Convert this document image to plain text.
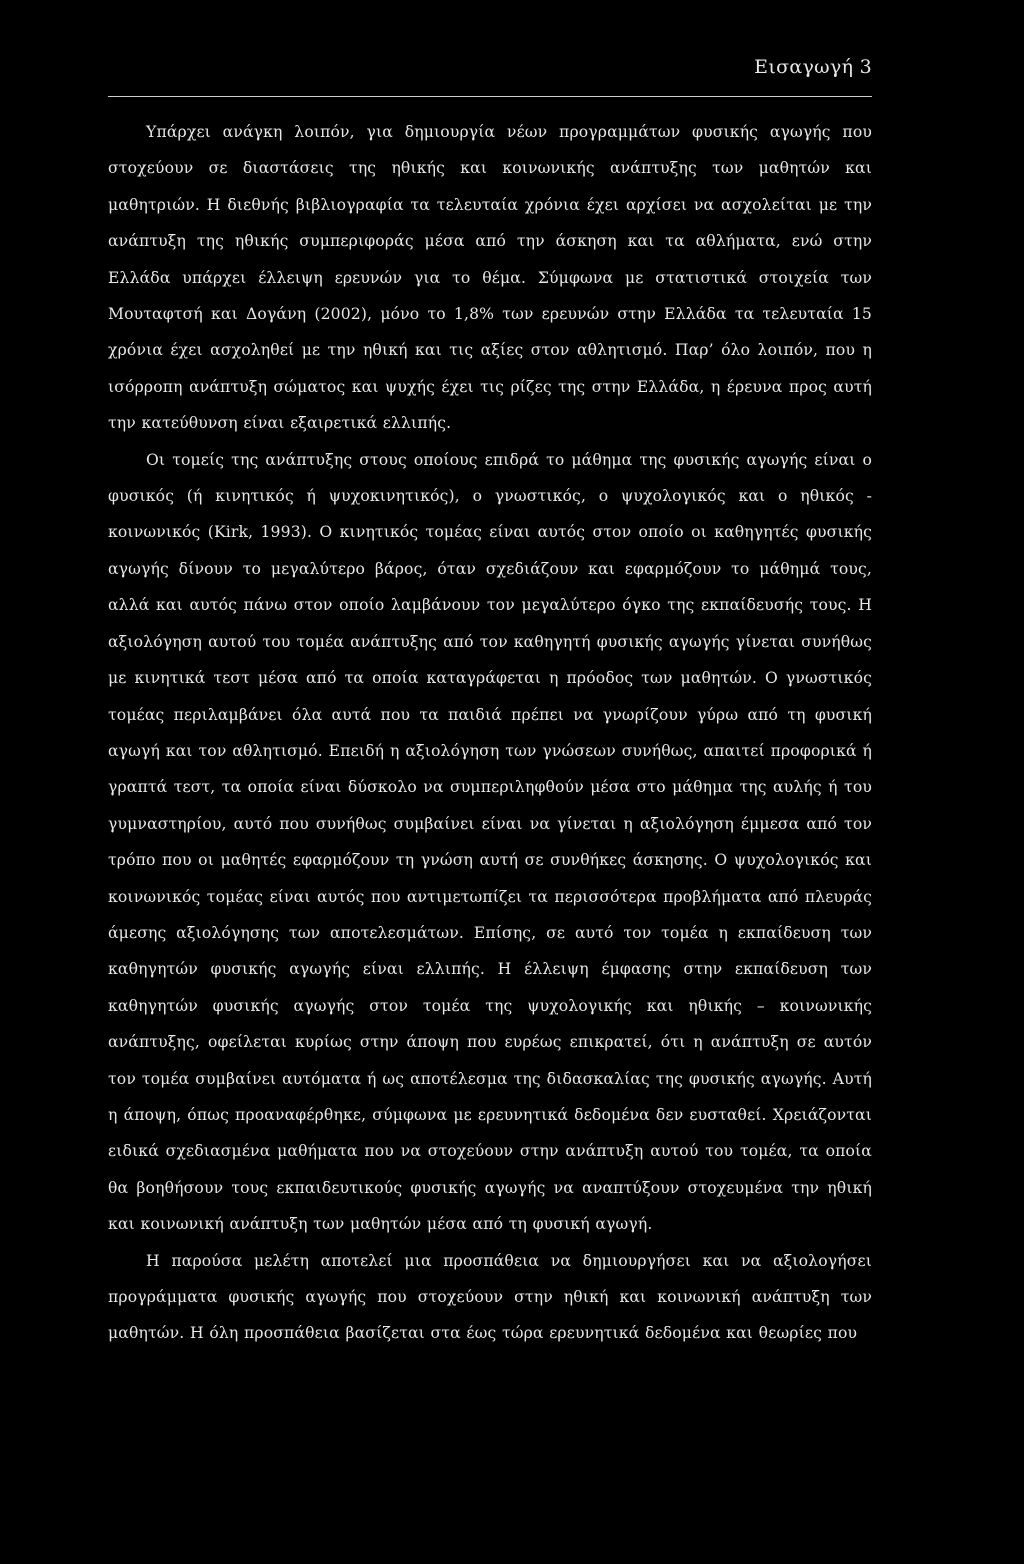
Εισαγωγή 3

Υπάρχει ανάγκη λοιπόν, για δημιουργία νέων προγραμμάτων φυσικής αγωγής που στοχεύουν σε διαστάσεις της ηθικής και κοινωνικής ανάπτυξης των μαθητών και μαθητριών. Η διεθνής βιβλιογραφία τα τελευταία χρόνια έχει αρχίσει να ασχολείται με την ανάπτυξη της ηθικής συμπεριφοράς μέσα από την άσκηση και τα αθλήματα, ενώ στην Ελλάδα υπάρχει έλλειψη ερευνών για το θέμα. Σύμφωνα με στατιστικά στοιχεία των Μουταφτσή και Δογάνη (2002), μόνο το 1,8% των ερευνών στην Ελλάδα τα τελευταία 15 χρόνια έχει ασχοληθεί με την ηθική και τις αξίες στον αθλητισμό. Παρ’ όλο λοιπόν, που η ισόρροπη ανάπτυξη σώματος και ψυχής έχει τις ρίζες της στην Ελλάδα, η έρευνα προς αυτή την κατεύθυνση είναι εξαιρετικά ελλιπής.

Οι τομείς της ανάπτυξης στους οποίους επιδρά το μάθημα της φυσικής αγωγής είναι ο φυσικός (ή κινητικός ή ψυχοκινητικός), ο γνωστικός, ο ψυχολογικός και ο ηθικός - κοινωνικός (Kirk, 1993). Ο κινητικός τομέας είναι αυτός στον οποίο οι καθηγητές φυσικής αγωγής δίνουν το μεγαλύτερο βάρος, όταν σχεδιάζουν και εφαρμόζουν το μάθημά τους, αλλά και αυτός πάνω στον οποίο λαμβάνουν τον μεγαλύτερο όγκο της εκπαίδευσής τους. Η αξιολόγηση αυτού του τομέα ανάπτυξης από τον καθηγητή φυσικής αγωγής γίνεται συνήθως με κινητικά τεστ μέσα από τα οποία καταγράφεται η πρόοδος των μαθητών. Ο γνωστικός τομέας περιλαμβάνει όλα αυτά που τα παιδιά πρέπει να γνωρίζουν γύρω από τη φυσική αγωγή και τον αθλητισμό. Επειδή η αξιολόγηση των γνώσεων συνήθως, απαιτεί προφορικά ή γραπτά τεστ, τα οποία είναι δύσκολο να συμπεριληφθούν μέσα στο μάθημα της αυλής ή του γυμναστηρίου, αυτό που συνήθως συμβαίνει είναι να γίνεται η αξιολόγηση έμμεσα από τον τρόπο που οι μαθητές εφαρμόζουν τη γνώση αυτή σε συνθήκες άσκησης. Ο ψυχολογικός και κοινωνικός τομέας είναι αυτός που αντιμετωπίζει τα περισσότερα προβλήματα από πλευράς άμεσης αξιολόγησης των αποτελεσμάτων. Επίσης, σε αυτό τον τομέα η εκπαίδευση των καθηγητών φυσικής αγωγής είναι ελλιπής. Η έλλειψη έμφασης στην εκπαίδευση των καθηγητών φυσικής αγωγής στον τομέα της ψυχολογικής και ηθικής – κοινωνικής ανάπτυξης, οφείλεται κυρίως στην άποψη που ευρέως επικρατεί, ότι η ανάπτυξη σε αυτόν τον τομέα συμβαίνει αυτόματα ή ως αποτέλεσμα της διδασκαλίας της φυσικής αγωγής. Αυτή η άποψη, όπως προαναφέρθηκε, σύμφωνα με ερευνητικά δεδομένα δεν ευσταθεί. Χρειάζονται ειδικά σχεδιασμένα μαθήματα που να στοχεύουν στην ανάπτυξη αυτού του τομέα, τα οποία θα βοηθήσουν τους εκπαιδευτικούς φυσικής αγωγής να αναπτύξουν στοχευμένα την ηθική και κοινωνική ανάπτυξη των μαθητών μέσα από τη φυσική αγωγή.

Η παρούσα μελέτη αποτελεί μια προσπάθεια να δημιουργήσει και να αξιολογήσει προγράμματα φυσικής αγωγής που στοχεύουν στην ηθική και κοινωνική ανάπτυξη των μαθητών. Η όλη προσπάθεια βασίζεται στα έως τώρα ερευνητικά δεδομένα και θεωρίες που
